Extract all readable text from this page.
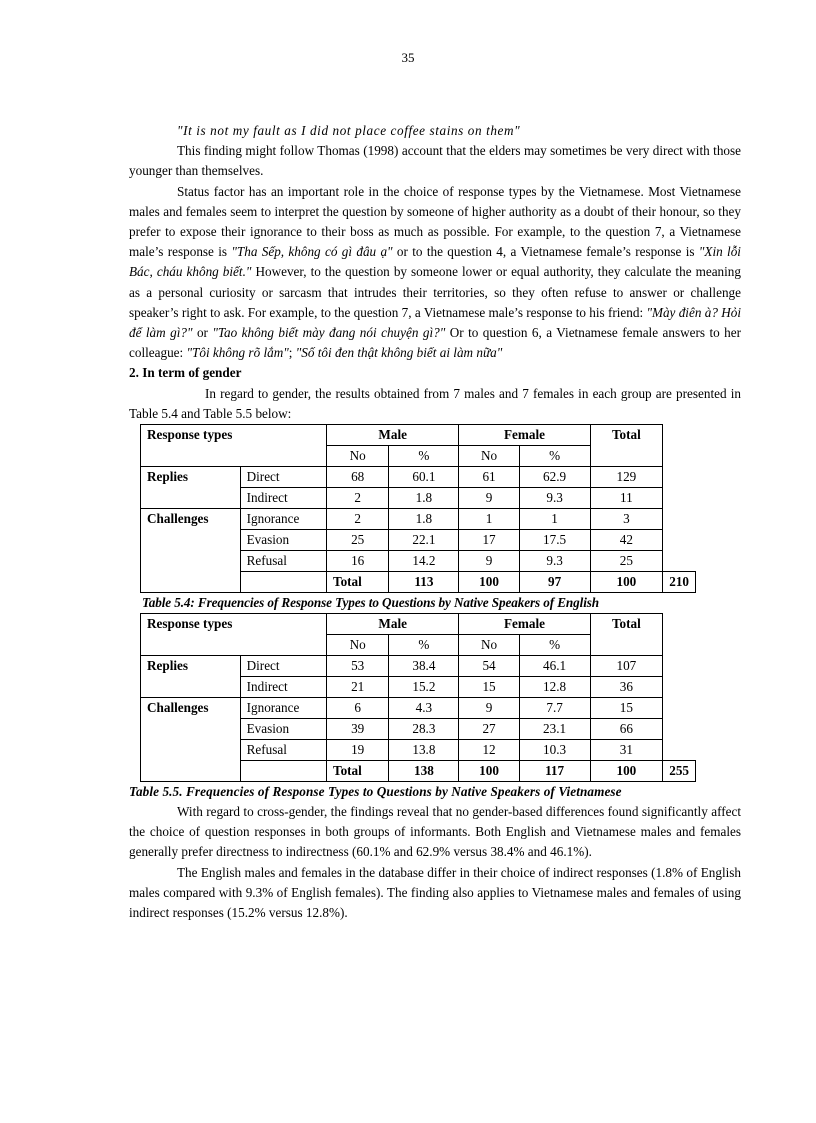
35

"It is not my fault as I did not place coffee stains on them"

This finding might follow Thomas (1998) account that the elders may sometimes be very direct with those younger than themselves.

Status factor has an important role in the choice of response types by the Vietnamese. Most Vietnamese males and females seem to interpret the question by someone of higher authority as a doubt of their honour, so they prefer to expose their ignorance to their boss as much as possible. For example, to the question 7, a Vietnamese male’s response is "Tha Sếp, không có gì đâu ạ" or to the question 4, a Vietnamese female’s response is "Xin lỗi Bác, cháu không biết." However, to the question by someone lower or equal authority, they calculate the meaning as a personal curiosity or sarcasm that intrudes their territories, so they often refuse to answer or challenge speaker’s right to ask. For example, to the question 7, a Vietnamese male’s response to his friend: "Mày điên à? Hỏi để làm gì?" or "Tao không biết mày đang nói chuyện gì?" Or to question 6, a Vietnamese female answers to her colleague: "Tôi không rõ lắm"; "Số tôi đen thật không biết ai làm nữa"

2. In term of gender

In regard to gender, the results obtained from 7 males and 7 females in each group are presented in Table 5.4 and Table 5.5 below:

Response types		Male		Female		Total	
		No	%	No	%		
Replies	Direct	68	60.1	61	62.9	129	
	Indirect	2	1.8	9	9.3	11	
Challenges	Ignorance	2	1.8	1	1	3	
	Evasion	25	22.1	17	17.5	42	
	Refusal	16	14.2	9	9.3	25	
		Total	113	100	97	100	210

Table 5.4: Frequencies of Response Types to Questions by Native Speakers of English

Response types		Male		Female		Total	
		No	%	No	%		
Replies	Direct	53	38.4	54	46.1	107	
	Indirect	21	15.2	15	12.8	36	
Challenges	Ignorance	6	4.3	9	7.7	15	
	Evasion	39	28.3	27	23.1	66	
	Refusal	19	13.8	12	10.3	31	
		Total	138	100	117	100	255

Table 5.5. Frequencies of Response Types to Questions by Native Speakers of Vietnamese

With regard to cross-gender, the findings reveal that no gender-based differences found significantly affect the choice of question responses in both groups of informants. Both English and Vietnamese males and females generally prefer directness to indirectness (60.1% and 62.9% versus 38.4% and 46.1%).

The English males and females in the database differ in their choice of indirect responses (1.8% of English males compared with 9.3% of English females). The finding also applies to Vietnamese males and females of using indirect responses (15.2% versus 12.8%).
